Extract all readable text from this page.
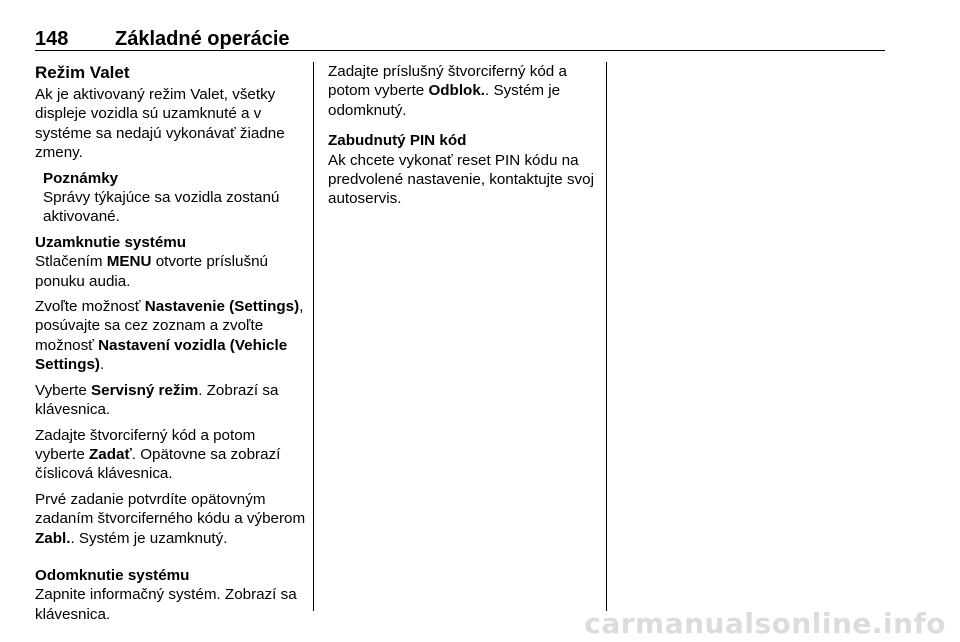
148 Základné operácie
Režim Valet

Ak je aktivovaný režim Valet, všetky displeje vozidla sú uzamknuté a v systéme sa nedajú vykonávať žiadne zmeny.

Poznámky
Správy týkajúce sa vozidla zostanú aktivované.
Uzamknutie systému

Stlačením MENU otvorte príslušnú ponuku audia.

Zvoľte možnosť Nastavenie (Settings), posúvajte sa cez zoznam a zvoľte možnosť Nastavení vozidla (Vehicle Settings).

Vyberte Servisný režim. Zobrazí sa klávesnica.

Zadajte štvorciferný kód a potom vyberte Zadať. Opätovne sa zobrazí číslicová klávesnica.

Prvé zadanie potvrdíte opätovným zadaním štvorciferného kódu a výberom Zabl.. Systém je uzamknutý.

Odomknutie systému

Zapnite informačný systém. Zobrazí sa klávesnica.

Zadajte príslušný štvorciferný kód a potom vyberte Odblok.. Systém je odomknutý.

Zabudnutý PIN kód

Ak chcete vykonať reset PIN kódu na predvolené nastavenie, kontaktujte svoj autoservis.

carmanualsonline.info
